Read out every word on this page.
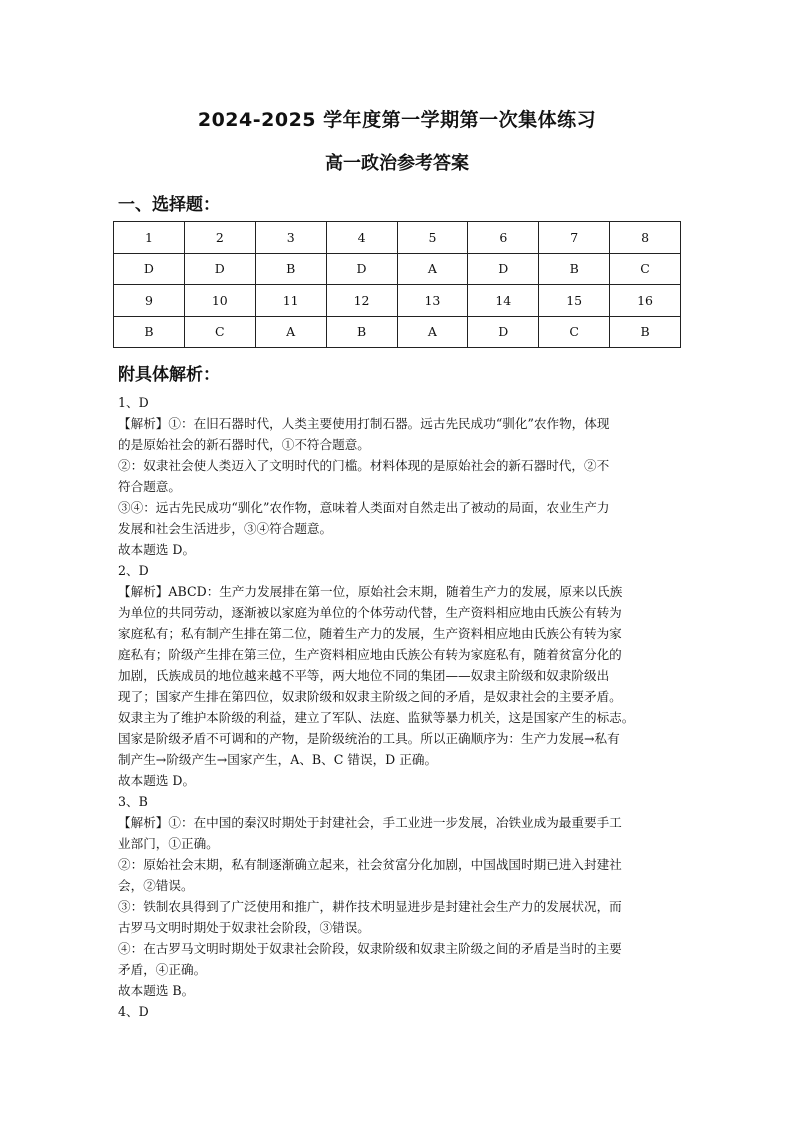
2024-2025 学年度第一学期第一次集体练习
高一政治参考答案
一、选择题：
1	2	3	4	5	6	7	8
D	D	B	D	A	D	B	C
9	10	11	12	13	14	15	16
B	C	A	B	A	D	C	B
附具体解析：
1、D
【解析】①：在旧石器时代，人类主要使用打制石器。远古先民成功“驯化”农作物，体现
的是原始社会的新石器时代，①不符合题意。
②：奴隶社会使人类迈入了文明时代的门槛。材料体现的是原始社会的新石器时代，②不
符合题意。
③④：远古先民成功“驯化”农作物，意味着人类面对自然走出了被动的局面，农业生产力
发展和社会生活进步，③④符合题意。
故本题选 D。
2、D
【解析】ABCD：生产力发展排在第一位，原始社会末期，随着生产力的发展，原来以氏族
为单位的共同劳动，逐渐被以家庭为单位的个体劳动代替，生产资料相应地由氏族公有转为
家庭私有；私有制产生排在第二位，随着生产力的发展，生产资料相应地由氏族公有转为家
庭私有；阶级产生排在第三位，生产资料相应地由氏族公有转为家庭私有，随着贫富分化的
加剧，氏族成员的地位越来越不平等，两大地位不同的集团——奴隶主阶级和奴隶阶级出
现了；国家产生排在第四位，奴隶阶级和奴隶主阶级之间的矛盾，是奴隶社会的主要矛盾。
奴隶主为了维护本阶级的利益，建立了军队、法庭、监狱等暴力机关，这是国家产生的标志。
国家是阶级矛盾不可调和的产物，是阶级统治的工具。所以正确顺序为：生产力发展→私有
制产生→阶级产生→国家产生，A、B、C 错误，D 正确。
故本题选 D。
3、B
【解析】①：在中国的秦汉时期处于封建社会，手工业进一步发展，冶铁业成为最重要手工
业部门，①正确。
②：原始社会末期，私有制逐渐确立起来，社会贫富分化加剧，中国战国时期已进入封建社
会，②错误。
③：铁制农具得到了广泛使用和推广，耕作技术明显进步是封建社会生产力的发展状况，而
古罗马文明时期处于奴隶社会阶段，③错误。
④：在古罗马文明时期处于奴隶社会阶段，奴隶阶级和奴隶主阶级之间的矛盾是当时的主要
矛盾，④正确。
故本题选 B。
4、D
